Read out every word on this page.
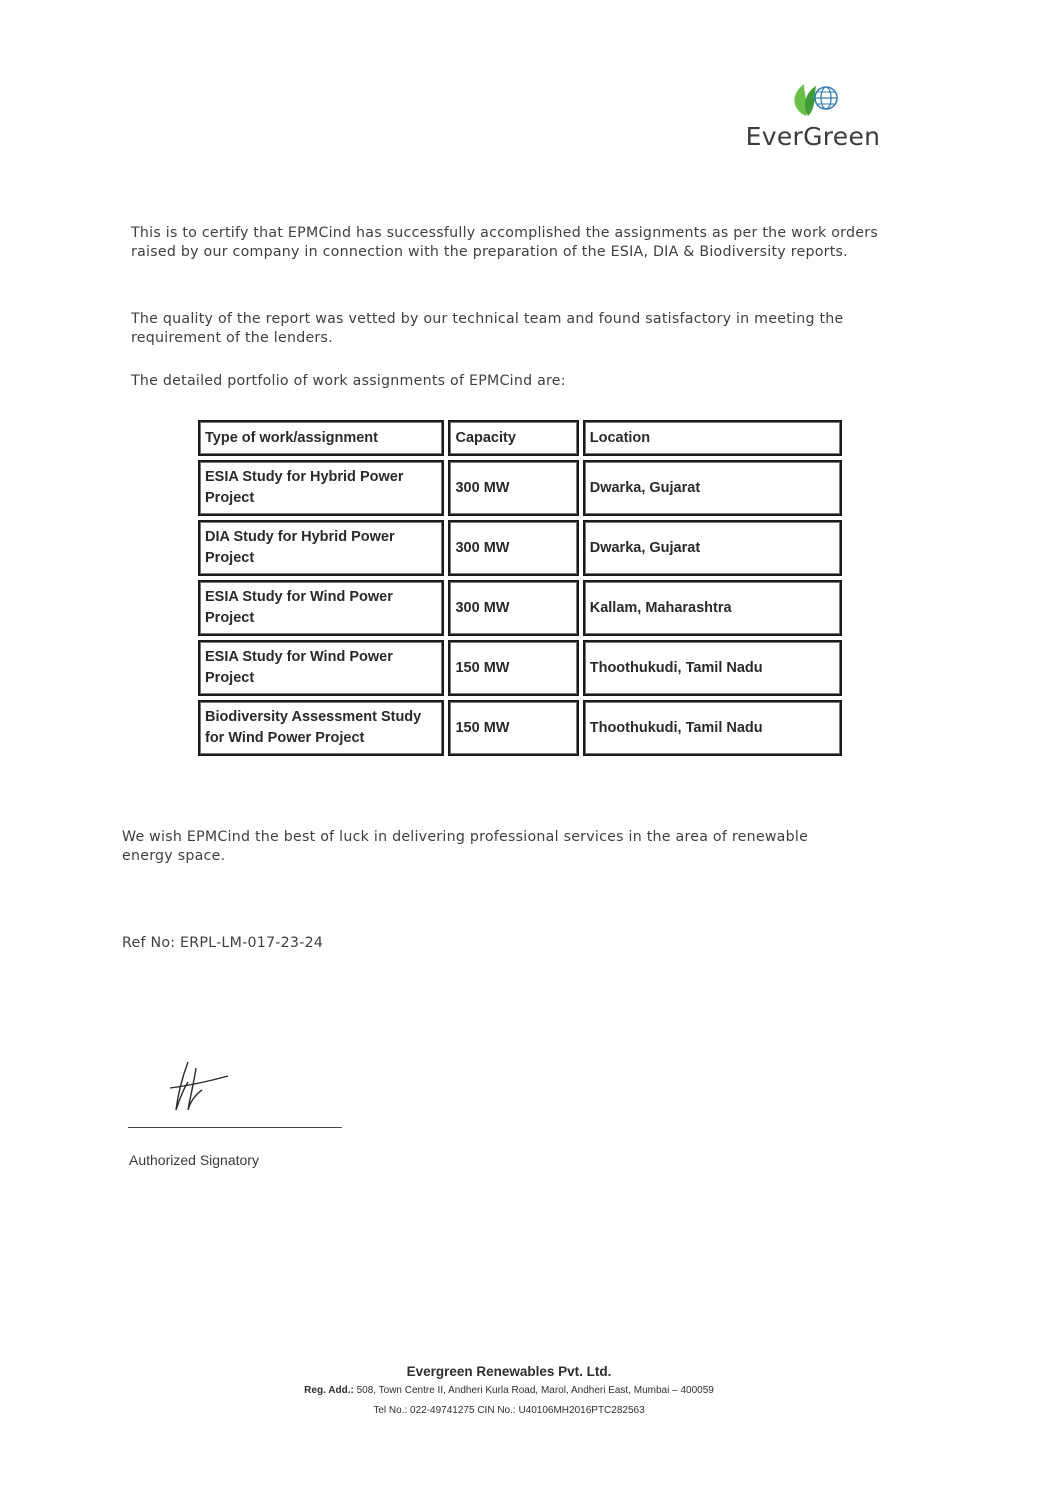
EverGreen
This is to certify that EPMCind has successfully accomplished the assignments as per the work orders raised by our company in connection with the preparation of the ESIA, DIA & Biodiversity reports.
The quality of the report was vetted by our technical team and found satisfactory in meeting the requirement of the lenders.
The detailed portfolio of work assignments of EPMCind are:
Type of work/assignment	Capacity	Location
ESIA Study for Hybrid Power Project	300 MW	Dwarka, Gujarat
DIA Study for Hybrid Power Project	300 MW	Dwarka, Gujarat
ESIA Study for Wind Power Project	300 MW	Kallam, Maharashtra
ESIA Study for Wind Power Project	150 MW	Thoothukudi, Tamil Nadu
Biodiversity Assessment Study for Wind Power Project	150 MW	Thoothukudi, Tamil Nadu
We wish EPMCind the best of luck in delivering professional services in the area of renewable energy space.
Ref No: ERPL-LM-017-23-24
Authorized Signatory
Evergreen Renewables Pvt. Ltd.
Reg. Add.: 508, Town Centre II, Andheri Kurla Road, Marol, Andheri East, Mumbai – 400059
Tel No.: 022-49741275 CIN No.: U40106MH2016PTC282563
